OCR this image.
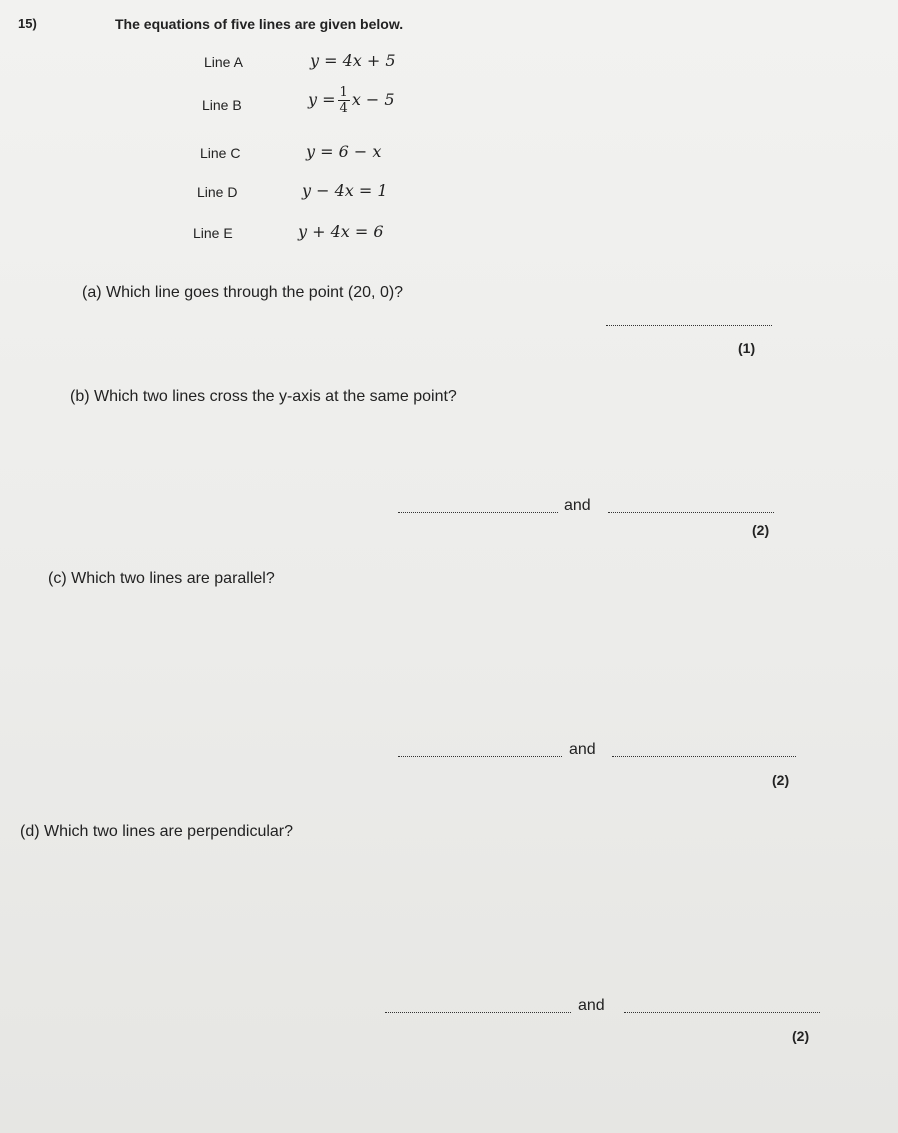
15)	The equations of five lines are given below.
Line A	y = 4x + 5
Line B	$y = \frac{1}{4}$ x − 5
Line C	y = 6 − x
Line D	y − 4x = 1
Line E	y + 4x = 6
(a) Which line goes through the point (20, 0)?
(1)
(b) Which two lines cross the y-axis at the same point?
and
(2)
(c) Which two lines are parallel?
and
(2)
(d) Which two lines are perpendicular?
and
(2)
